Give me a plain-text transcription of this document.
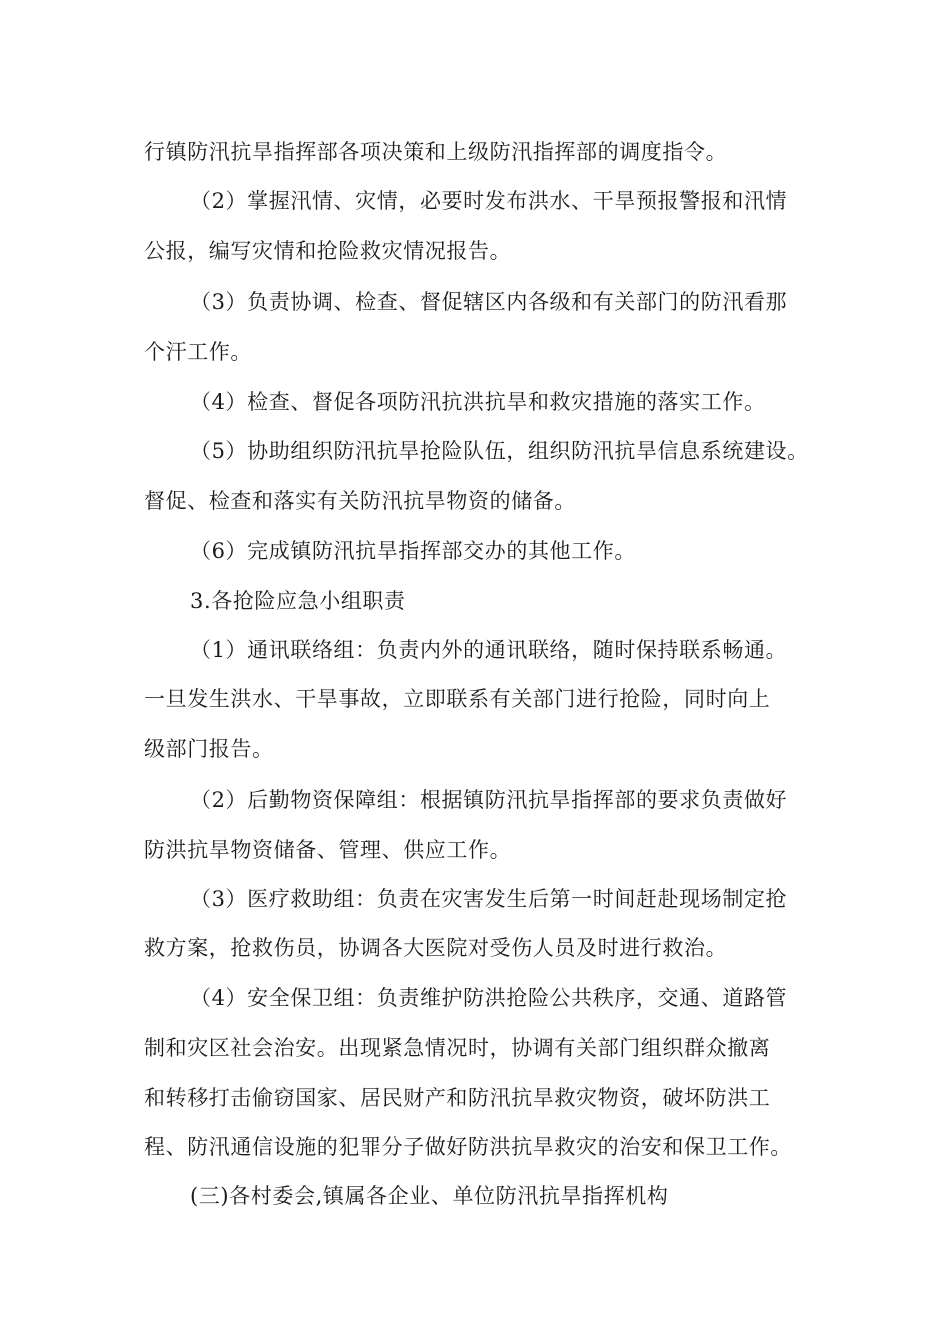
行镇防汛抗旱指挥部各项决策和上级防汛指挥部的调度指令。
（2）掌握汛情、灾情，必要时发布洪水、干旱预报警报和汛情
公报，编写灾情和抢险救灾情况报告。
（3）负责协调、检查、督促辖区内各级和有关部门的防汛看那
个汗工作。
（4）检查、督促各项防汛抗洪抗旱和救灾措施的落实工作。
（5）协助组织防汛抗旱抢险队伍，组织防汛抗旱信息系统建设。
督促、检查和落实有关防汛抗旱物资的储备。
（6）完成镇防汛抗旱指挥部交办的其他工作。
3.各抢险应急小组职责
（1）通讯联络组：负责内外的通讯联络，随时保持联系畅通。
一旦发生洪水、干旱事故，立即联系有关部门进行抢险，同时向上
级部门报告。
（2）后勤物资保障组：根据镇防汛抗旱指挥部的要求负责做好
防洪抗旱物资储备、管理、供应工作。
（3）医疗救助组：负责在灾害发生后第一时间赶赴现场制定抢
救方案，抢救伤员，协调各大医院对受伤人员及时进行救治。
（4）安全保卫组：负责维护防洪抢险公共秩序，交通、道路管
制和灾区社会治安。出现紧急情况时，协调有关部门组织群众撤离
和转移打击偷窃国家、居民财产和防汛抗旱救灾物资，破坏防洪工
程、防汛通信设施的犯罪分子做好防洪抗旱救灾的治安和保卫工作。
(三)各村委会,镇属各企业、单位防汛抗旱指挥机构
